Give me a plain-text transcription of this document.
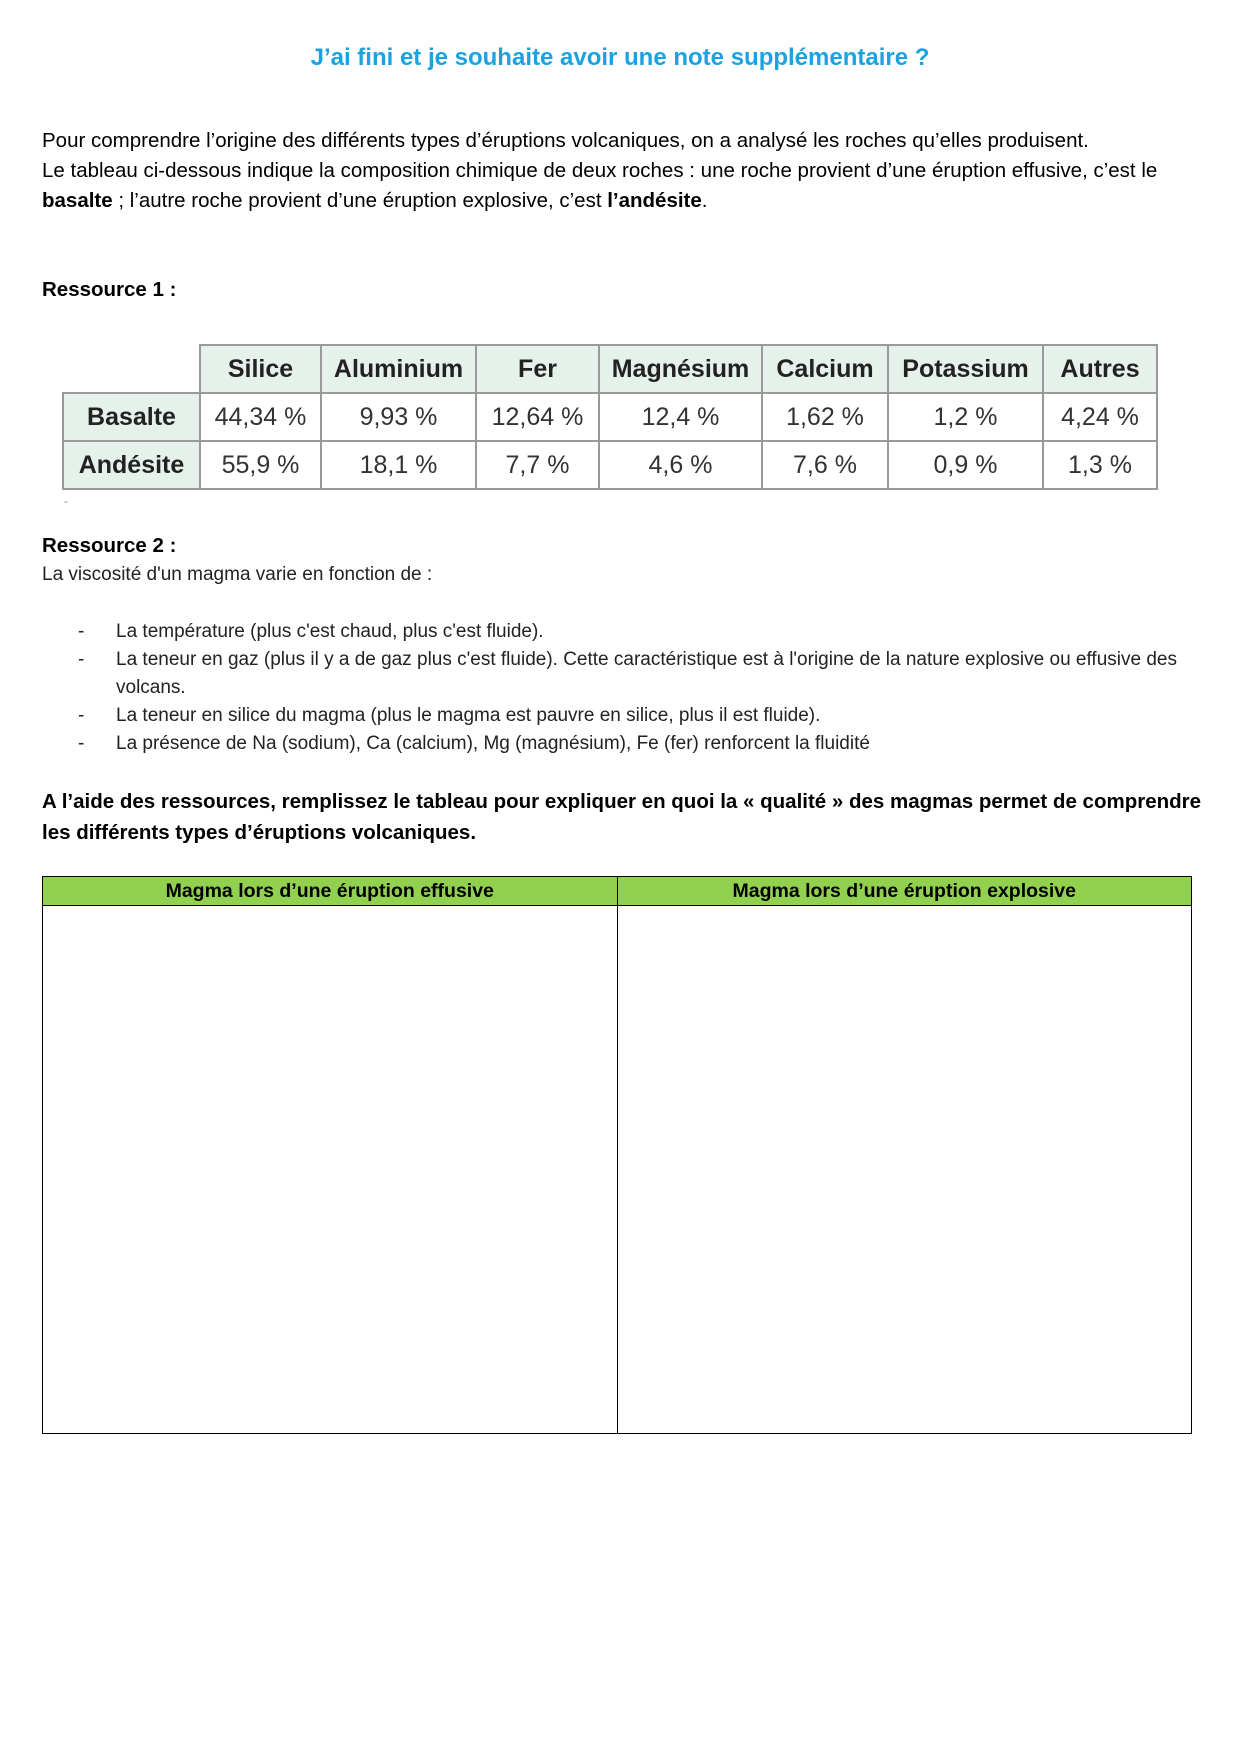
J’ai fini et je souhaite avoir une note supplémentaire ?

Pour comprendre l’origine des différents types d’éruptions volcaniques, on a analysé les roches qu’elles produisent.

Le tableau ci-dessous indique la composition chimique de deux roches : une roche provient d’une éruption effusive, c’est le basalte ; l’autre roche provient d’une éruption explosive, c’est l’andésite.

Ressource 1 :
	Silice	Aluminium	Fer	Magnésium	Calcium	Potassium	Autres
Basalte	44,34 %	9,93 %	12,64 %	12,4 %	1,62 %	1,2 %	4,24 %
Andésite	55,9 %	18,1 %	7,7 %	4,6 %	7,6 %	0,9 %	1,3 %
-
Ressource 2 :
La viscosité d'un magma varie en fonction de :
- La température (plus c'est chaud, plus c'est fluide).
- La teneur en gaz (plus il y a de gaz plus c'est fluide). Cette caractéristique est à l'origine de la nature explosive ou effusive des volcans.
- La teneur en silice du magma (plus le magma est pauvre en silice, plus il est fluide).
- La présence de Na (sodium), Ca (calcium), Mg (magnésium), Fe (fer) renforcent la fluidité
A l’aide des ressources, remplissez le tableau pour expliquer en quoi la « qualité » des magmas permet de comprendre les différents types d’éruptions volcaniques.
Magma lors d’une éruption effusive	Magma lors d’une éruption explosive
